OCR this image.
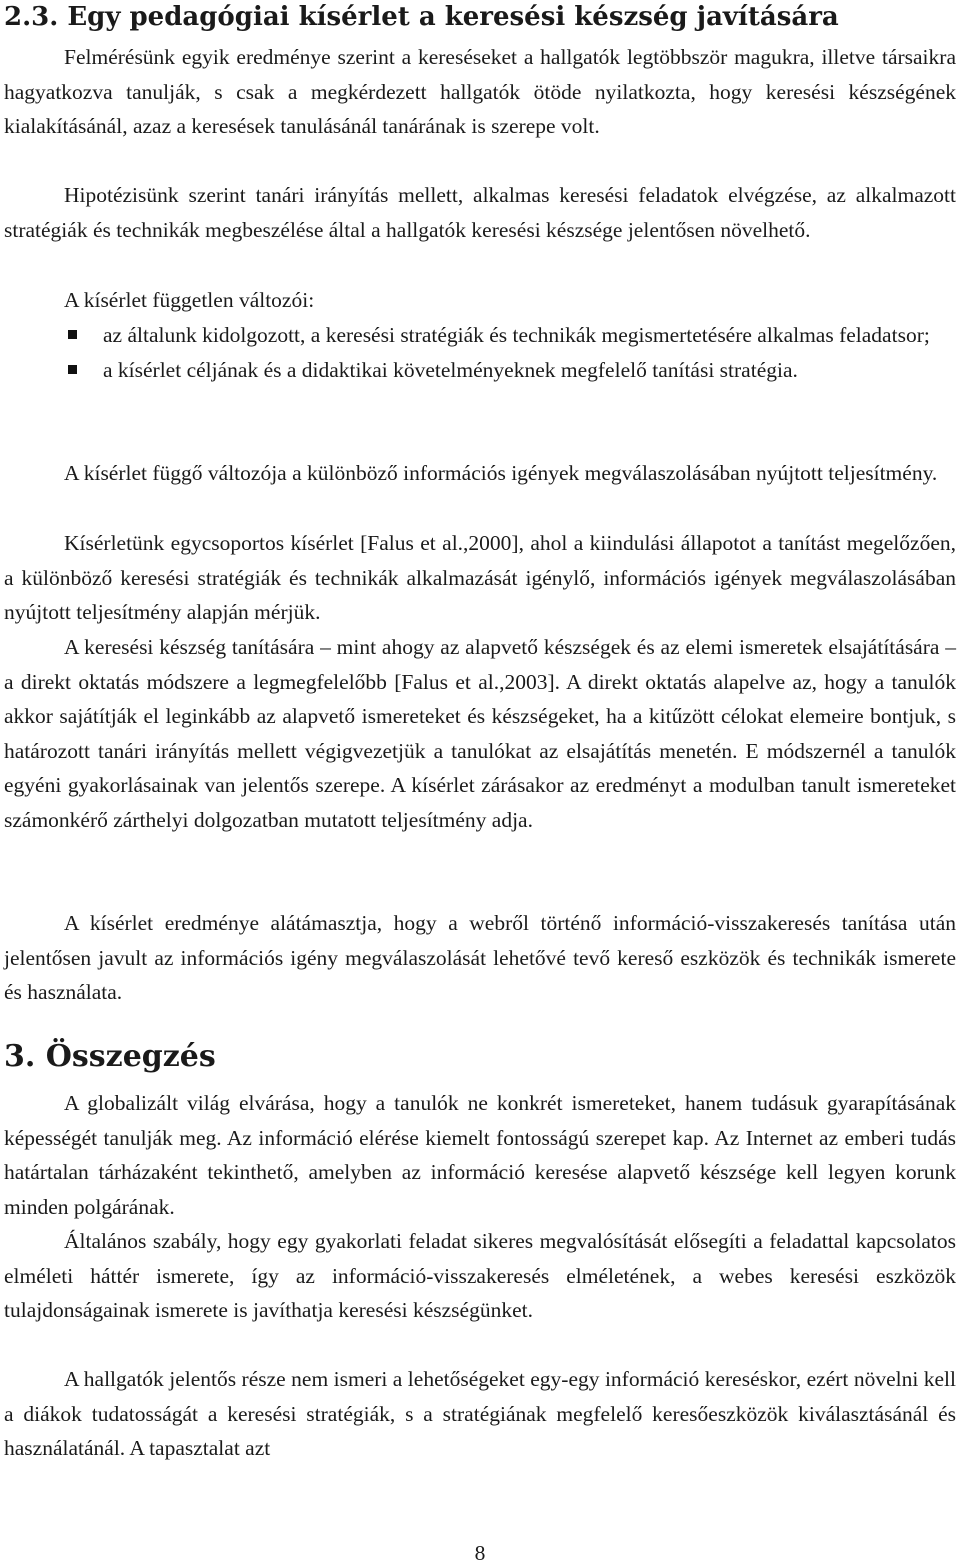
2.3. Egy pedagógiai kísérlet a keresési készség javítására

Felmérésünk egyik eredménye szerint a kereséseket a hallgatók legtöbbször magukra, illetve társaikra hagyatkozva tanulják, s csak a megkérdezett hallgatók ötöde nyilatkozta, hogy keresési készségének kialakításánál, azaz a keresések tanulásánál tanárának is szerepe volt.

Hipotézisünk szerint tanári irányítás mellett, alkalmas keresési feladatok elvégzése, az alkalmazott stratégiák és technikák megbeszélése által a hallgatók keresési készsége jelentősen növelhető.

A kísérlet független változói:

az általunk kidolgozott, a keresési stratégiák és technikák megismertetésére alkalmas feladatsor;
a kísérlet céljának és a didaktikai követelményeknek megfelelő tanítási stratégia.

A kísérlet függő változója a különböző információs igények megválaszolásában nyújtott teljesítmény.

Kísérletünk egycsoportos kísérlet [Falus et al.,2000], ahol a kiindulási állapotot a tanítást megelőzően, a különböző keresési stratégiák és technikák alkalmazását igénylő, információs igények megválaszolásában nyújtott teljesítmény alapján mérjük.

A keresési készség tanítására – mint ahogy az alapvető készségek és az elemi ismeretek elsajátítására – a direkt oktatás módszere a legmegfelelőbb [Falus et al.,2003]. A direkt oktatás alapelve az, hogy a tanulók akkor sajátítják el leginkább az alapvető ismereteket és készségeket, ha a kitűzött célokat elemeire bontjuk, s határozott tanári irányítás mellett végigvezetjük a tanulókat az elsajátítás menetén. E módszernél a tanulók egyéni gyakorlásainak van jelentős szerepe. A kísérlet zárásakor az eredményt a modulban tanult ismereteket számonkérő zárthelyi dolgozatban mutatott teljesítmény adja.

A kísérlet eredménye alátámasztja, hogy a webről történő információ-visszakeresés tanítása után jelentősen javult az információs igény megválaszolását lehetővé tevő kereső eszközök és technikák ismerete és használata.

3. Összegzés

A globalizált világ elvárása, hogy a tanulók ne konkrét ismereteket, hanem tudásuk gyarapításának képességét tanulják meg. Az információ elérése kiemelt fontosságú szerepet kap. Az Internet az emberi tudás határtalan tárházaként tekinthető, amelyben az információ keresése alapvető készsége kell legyen korunk minden polgárának.

Általános szabály, hogy egy gyakorlati feladat sikeres megvalósítását elősegíti a feladattal kapcsolatos elméleti háttér ismerete, így az információ-visszakeresés elméletének, a webes keresési eszközök tulajdonságainak ismerete is javíthatja keresési készségünket.

A hallgatók jelentős része nem ismeri a lehetőségeket egy-egy információ kereséskor, ezért növelni kell a diákok tudatosságát a keresési stratégiák, s a stratégiának megfelelő keresőeszközök kiválasztásánál és használatánál. A tapasztalat azt

8
